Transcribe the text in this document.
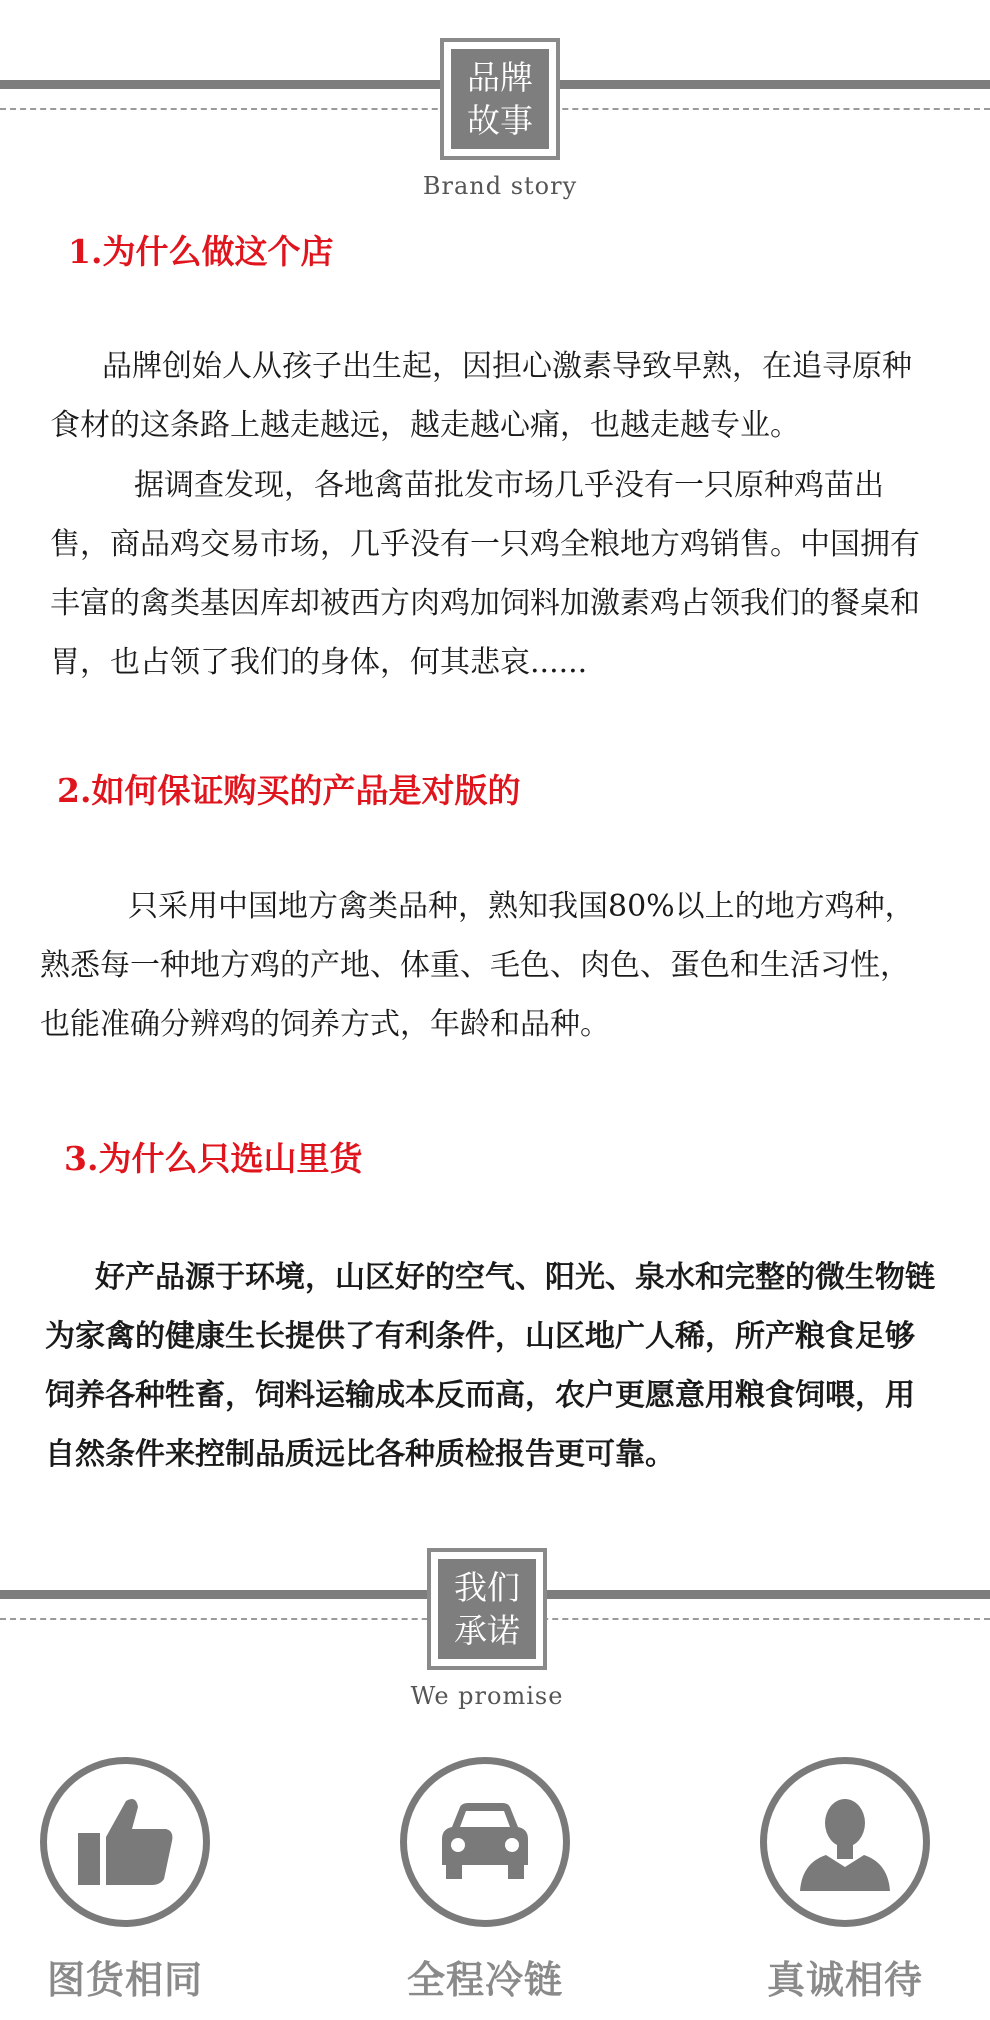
品牌
故事
Brand story
1.为什么做这个店
品牌创始人从孩子出生起，因担心激素导致早熟，在追寻原种食材的这条路上越走越远，越走越心痛，也越走越专业。
据调查发现，各地禽苗批发市场几乎没有一只原种鸡苗出售，商品鸡交易市场，几乎没有一只鸡全粮地方鸡销售。中国拥有丰富的禽类基因库却被西方肉鸡加饲料加激素鸡占领我们的餐桌和胃，也占领了我们的身体，何其悲哀......
2.如何保证购买的产品是对版的
只采用中国地方禽类品种，熟知我国80%以上的地方鸡种，熟悉每一种地方鸡的产地、体重、毛色、肉色、蛋色和生活习性，也能准确分辨鸡的饲养方式，年龄和品种。
3.为什么只选山里货
好产品源于环境，山区好的空气、阳光、泉水和完整的微生物链为家禽的健康生长提供了有利条件，山区地广人稀，所产粮食足够饲养各种牲畜，饲料运输成本反而高，农户更愿意用粮食饲喂，用自然条件来控制品质远比各种质检报告更可靠。
我们
承诺
We promise
图货相同	全程冷链	真诚相待
